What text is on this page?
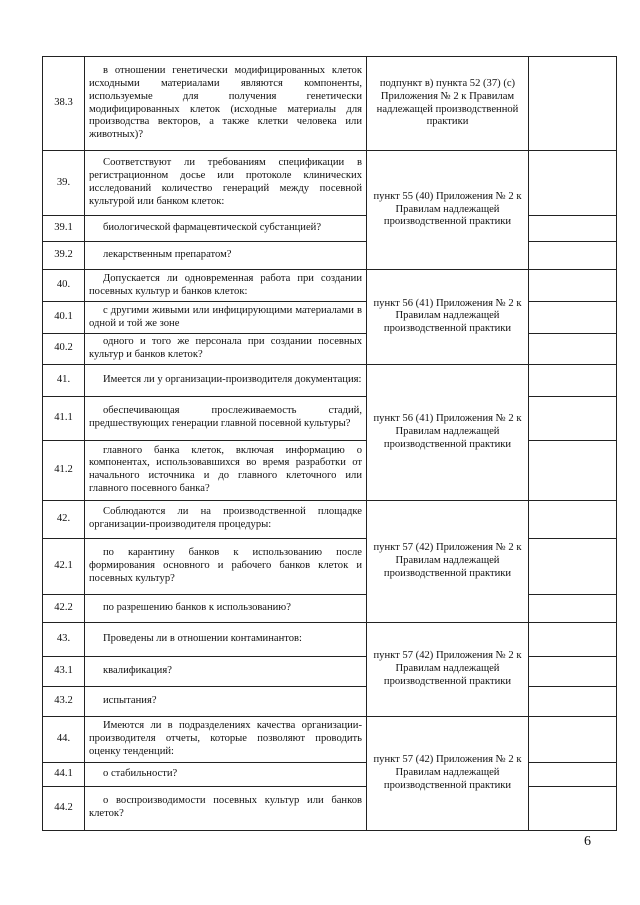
38.3	в отношении генетически модифицированных клеток исходными материалами являются компоненты, используемые для получения генетически модифицированных клеток (исходные материалы для производства векторов, а также клетки человека или животных)?	подпункт в) пункта 52 (37) (с) Приложения № 2 к Правилам надлежащей производственной практики	
39.	Соответствуют ли требованиям спецификации в регистрационном досье или протоколе клинических исследований количество генераций между посевной культурой или банком клеток:	пункт 55 (40) Приложения № 2 к Правилам надлежащей производственной практики	
39.1	биологической фармацевтической субстанцией?		
39.2	лекарственным препаратом?		
40.	Допускается ли одновременная работа при создании посевных культур и банков клеток:	пункт 56 (41) Приложения № 2 к Правилам надлежащей производственной практики	
40.1	с другими живыми или инфицирующими материалами в одной и той же зоне		
40.2	одного и того же персонала при создании посевных культур и банков клеток?		
41.	Имеется ли у организации-производителя документация:	пункт 56 (41) Приложения № 2 к Правилам надлежащей производственной практики	
41.1	обеспечивающая прослеживаемость стадий, предшествующих генерации главной посевной культуры?		
41.2	главного банка клеток, включая информацию о компонентах, использовавшихся во время разработки от начального источника и до главного клеточного или главного посевного банка?		
42.	Соблюдаются ли на производственной площадке организации-производителя процедуры:	пункт 57 (42) Приложения № 2 к Правилам надлежащей производственной практики	
42.1	по карантину банков к использованию после формирования основного и рабочего банков клеток и посевных культур?		
42.2	по разрешению банков к использованию?		
43.	Проведены ли в отношении контаминантов:	пункт 57 (42) Приложения № 2 к Правилам надлежащей производственной практики	
43.1	квалификация?		
43.2	испытания?		
44.	Имеются ли в подразделениях качества организации- производителя отчеты, которые позволяют проводить оценку тенденций:	пункт 57 (42) Приложения № 2 к Правилам надлежащей производственной практики	
44.1	о стабильности?		
44.2	о воспроизводимости посевных культур или банков клеток?		
6
